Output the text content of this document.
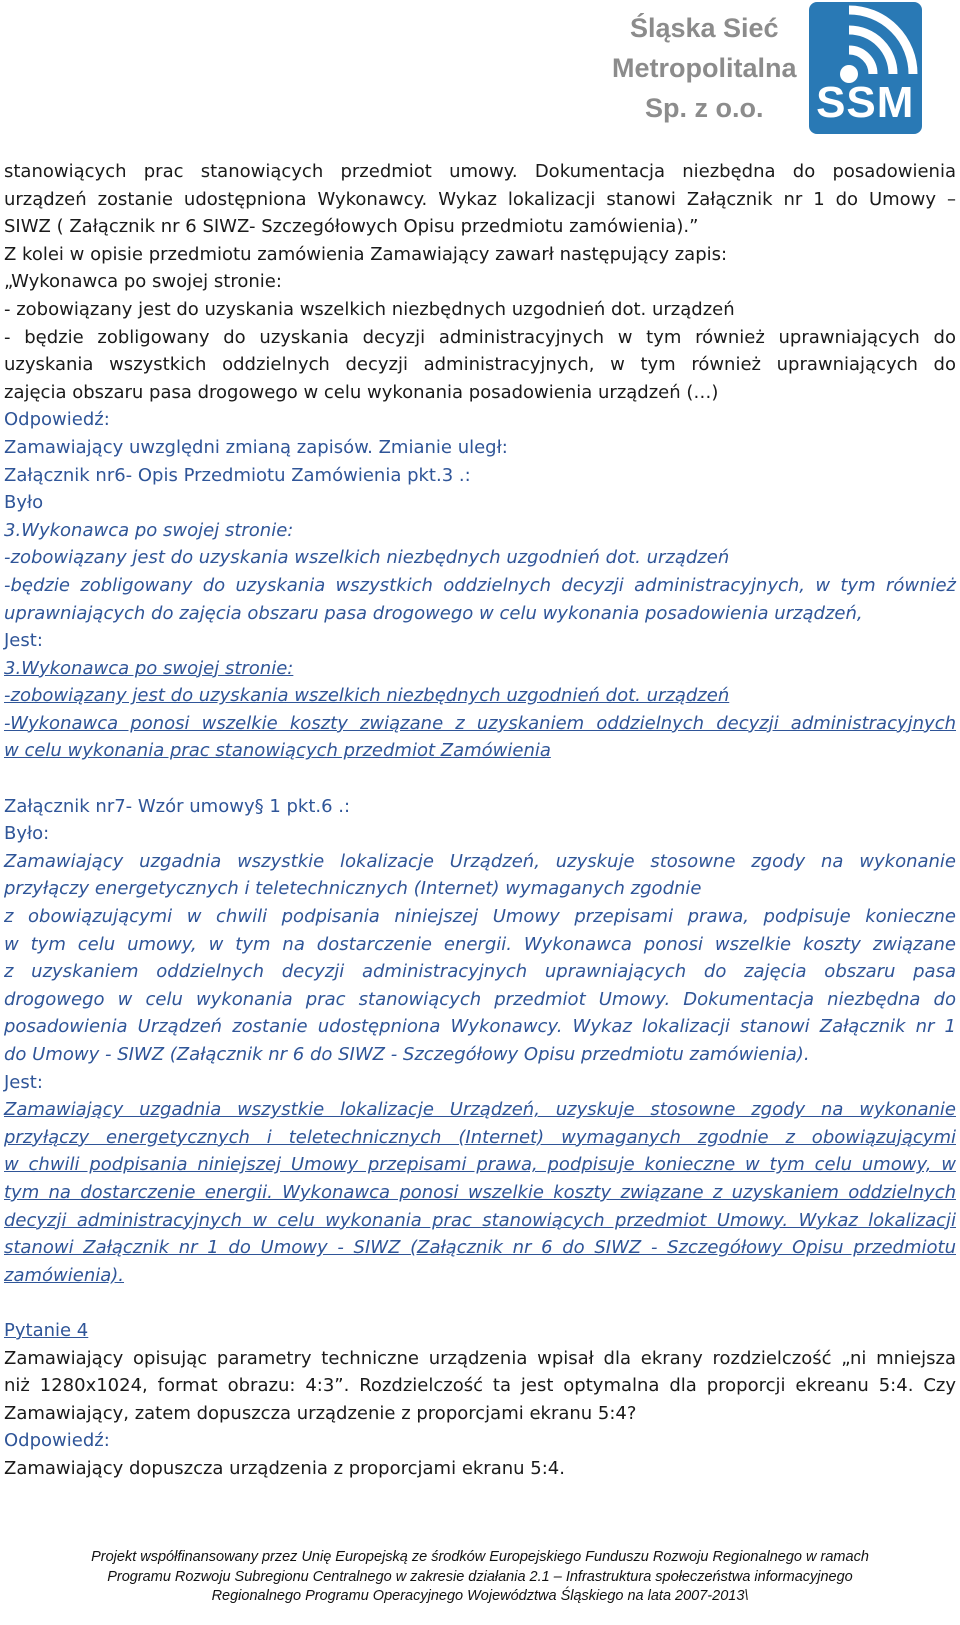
Śląska Sieć
Metropolitalna
Sp. z o.o.	SSM

stanowiących prac stanowiących przedmiot umowy. Dokumentacja niezbędna do posadowienia

urządzeń zostanie udostępniona Wykonawcy. Wykaz lokalizacji stanowi Załącznik nr 1 do Umowy –

SIWZ ( Załącznik nr 6 SIWZ- Szczegółowych Opisu przedmiotu zamówienia).”

Z kolei w opisie przedmiotu zamówienia Zamawiający zawarł następujący zapis:

„Wykonawca po swojej stronie:

- zobowiązany jest do uzyskania wszelkich niezbędnych uzgodnień dot. urządzeń

- będzie zobligowany do uzyskania decyzji administracyjnych w tym również uprawniających do

uzyskania wszystkich oddzielnych decyzji administracyjnych, w tym również uprawniających do

zajęcia obszaru pasa drogowego w celu wykonania posadowienia urządzeń (…)

Odpowiedź:

Zamawiający uwzględni zmianą zapisów. Zmianie uległ:

Załącznik nr6- Opis Przedmiotu Zamówienia pkt.3 .:

Było

3.Wykonawca po swojej stronie:

-zobowiązany jest do uzyskania wszelkich niezbędnych uzgodnień dot. urządzeń

-będzie zobligowany do uzyskania wszystkich oddzielnych decyzji administracyjnych, w tym również

uprawniających do zajęcia obszaru pasa drogowego w celu wykonania posadowienia urządzeń,

Jest:

3.Wykonawca po swojej stronie:

-zobowiązany jest do uzyskania wszelkich niezbędnych uzgodnień dot. urządzeń

-Wykonawca ponosi wszelkie koszty związane z uzyskaniem oddzielnych decyzji administracyjnych

w celu wykonania prac stanowiących przedmiot Zamówienia

Załącznik nr7- Wzór umowy§ 1 pkt.6 .:

Było:

Zamawiający uzgadnia wszystkie lokalizacje Urządzeń, uzyskuje stosowne zgody na wykonanie

przyłączy energetycznych i teletechnicznych (Internet) wymaganych zgodnie

z obowiązującymi w chwili podpisania niniejszej Umowy przepisami prawa, podpisuje konieczne

w tym celu umowy, w tym na dostarczenie energii. Wykonawca ponosi wszelkie koszty związane

z uzyskaniem oddzielnych decyzji administracyjnych uprawniających do zajęcia obszaru pasa

drogowego w celu wykonania prac stanowiących przedmiot Umowy. Dokumentacja niezbędna do

posadowienia Urządzeń zostanie udostępniona Wykonawcy. Wykaz lokalizacji stanowi Załącznik nr 1

do Umowy - SIWZ (Załącznik nr 6 do SIWZ - Szczegółowy Opisu przedmiotu zamówienia).

Jest:

Zamawiający uzgadnia wszystkie lokalizacje Urządzeń, uzyskuje stosowne zgody na wykonanie

przyłączy energetycznych i teletechnicznych (Internet) wymaganych zgodnie z obowiązującymi

w chwili podpisania niniejszej Umowy przepisami prawa, podpisuje konieczne w tym celu umowy, w

tym na dostarczenie energii. Wykonawca ponosi wszelkie koszty związane z uzyskaniem oddzielnych

decyzji administracyjnych w celu wykonania prac stanowiących przedmiot Umowy. Wykaz lokalizacji

stanowi Załącznik nr 1 do Umowy - SIWZ (Załącznik nr 6 do SIWZ - Szczegółowy Opisu przedmiotu

zamówienia).

Pytanie 4

Zamawiający opisując parametry techniczne urządzenia wpisał dla ekrany rozdzielczość „ni mniejsza

niż 1280x1024, format obrazu: 4:3”. Rozdzielczość ta jest optymalna dla proporcji ekreanu 5:4. Czy

Zamawiający, zatem dopuszcza urządzenie z proporcjami ekranu 5:4?

Odpowiedź:

Zamawiający dopuszcza urządzenia z proporcjami ekranu 5:4.

Projekt współfinansowany przez Unię Europejską ze środków Europejskiego Funduszu Rozwoju Regionalnego w ramach
Programu Rozwoju Subregionu Centralnego w zakresie działania 2.1 – Infrastruktura społeczeństwa informacyjnego
Regionalnego Programu Operacyjnego Województwa Śląskiego na lata 2007-2013\
